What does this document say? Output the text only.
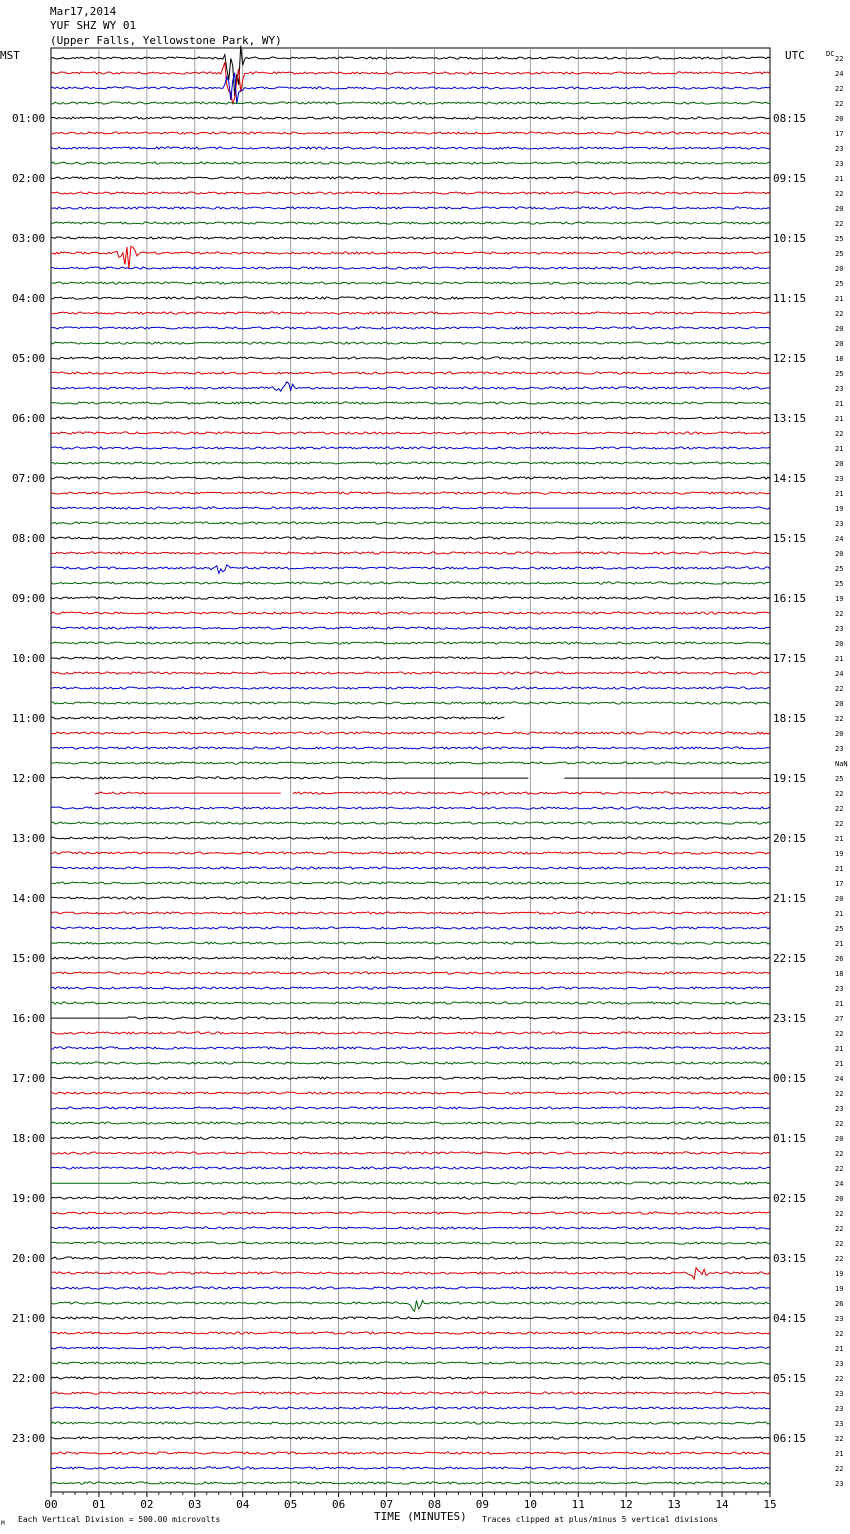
Mar17,2014
YUF SHZ WY 01
(Upper Falls, Yellowstone Park, WY)
MST	UTC	DC
00	01	02	03	04	05	06	07	08	09	10	11	12	13	14	15
01:00
02:00
03:00
04:00
05:00
06:00
07:00
08:00
09:00
10:00
11:00
12:00
13:00
14:00
15:00
16:00
17:00
18:00
19:00
20:00
21:00
22:00
23:00
08:15
09:15
10:15
11:15
12:15
13:15
14:15
15:15
16:15
17:15
18:15
19:15
20:15
21:15
22:15
23:15
00:15
01:15
02:15
03:15
04:15
05:15
06:15
22
24
22
22
20
17
23
23
21
22
20
22
25
25
20
25
21
22
20
20
18
25
23
21
21
22
21
20
23
21
19
23
24
20
25
25
19
22
23
20
21
24
22
20
22
20
23
NaN
25
22
22
22
21
19
21
17
20
21
25
21
26
18
23
21
27
22
21
21
24
22
23
22
20
22
22
24
20
22
22
22
22
19
19
26
23
22
21
23
22
23
23
23
22
21
22
23
Each Vertical Division = 500.00 microvolts	TIME (MINUTES) Traces clipped at plus/minus 5 vertical divisions
M
